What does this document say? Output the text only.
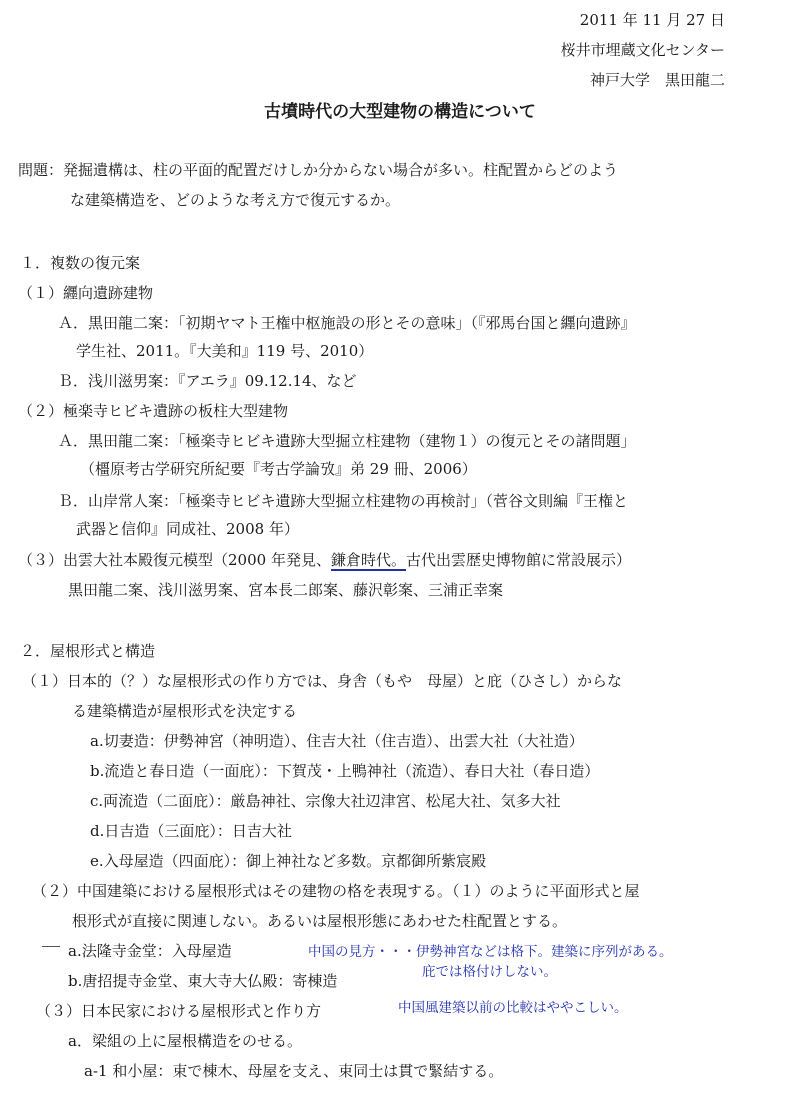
2011 年 11 月 27 日
桜井市埋蔵文化センター
神戸大学　黒田龍二
古墳時代の大型建物の構造について
問題：発掘遺構は、柱の平面的配置だけしか分からない場合が多い。柱配置からどのよう
な建築構造を、どのような考え方で復元するか。
１．複数の復元案
（１）纒向遺跡建物
Ａ．黒田龍二案：「初期ヤマト王権中枢施設の形とその意味」（『邪馬台国と纒向遺跡』
学生社、2011。『大美和』119 号、2010）
Ｂ．浅川滋男案：『アエラ』09.12.14、など
（２）極楽寺ヒビキ遺跡の板柱大型建物
Ａ．黒田龍二案：「極楽寺ヒビキ遺跡大型掘立柱建物（建物１）の復元とその諸問題」
（橿原考古学研究所紀要『考古学論攷』弟 29 冊、2006）
Ｂ．山岸常人案：「極楽寺ヒビキ遺跡大型掘立柱建物の再検討」（菅谷文則編『王権と
武器と信仰』同成社、2008 年）
（３）出雲大社本殿復元模型（2000 年発見、鎌倉時代。古代出雲歴史博物館に常設展示）
黒田龍二案、浅川滋男案、宮本長二郎案、藤沢彰案、三浦正幸案
２．屋根形式と構造
（１）日本的（？）な屋根形式の作り方では、身舎（もや　母屋）と庇（ひさし）からな
る建築構造が屋根形式を決定する
a.切妻造：伊勢神宮（神明造）、住吉大社（住吉造）、出雲大社（大社造）
b.流造と春日造（一面庇）：下賀茂・上鴨神社（流造）、春日大社（春日造）
c.両流造（二面庇）：厳島神社、宗像大社辺津宮、松尾大社、気多大社
d.日吉造（三面庇）：日吉大社
e.入母屋造（四面庇）：御上神社など多数。京都御所紫宸殿
（２）中国建築における屋根形式はその建物の格を表現する。（１）のように平面形式と屋
根形式が直接に関連しない。あるいは屋根形態にあわせた柱配置とする。
a.法隆寺金堂：入母屋造
b.唐招提寺金堂、東大寺大仏殿：寄棟造
（３）日本民家における屋根形式と作り方
a．梁組の上に屋根構造をのせる。
a-1 和小屋：束で棟木、母屋を支え、束同士は貫で緊結する。
中国の見方・・・伊勢神宮などは格下。建築に序列がある。
庇では格付けしない。
中国風建築以前の比較はややこしい。
